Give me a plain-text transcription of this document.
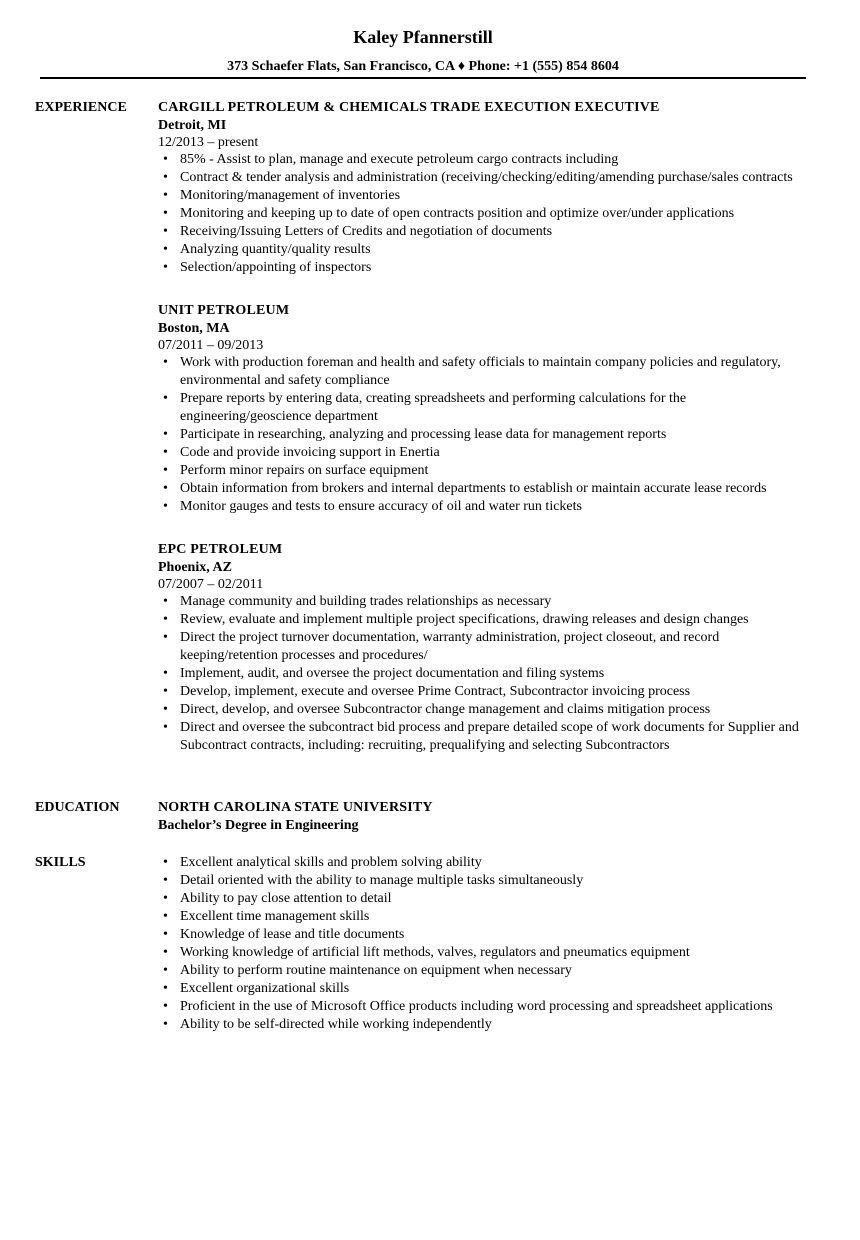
Kaley Pfannerstill
373 Schaefer Flats, San Francisco, CA ♦ Phone: +1 (555) 854 8604
EXPERIENCE CARGILL PETROLEUM & CHEMICALS TRADE EXECUTION EXECUTIVE
Detroit, MI
12/2013 – present
• 85% - Assist to plan, manage and execute petroleum cargo contracts including
• Contract & tender analysis and administration (receiving/checking/editing/amending purchase/sales contracts
• Monitoring/management of inventories
• Monitoring and keeping up to date of open contracts position and optimize over/under applications
• Receiving/Issuing Letters of Credits and negotiation of documents
• Analyzing quantity/quality results
• Selection/appointing of inspectors
UNIT PETROLEUM
Boston, MA
07/2011 – 09/2013
• Work with production foreman and health and safety officials to maintain company policies and regulatory, environmental and safety compliance
• Prepare reports by entering data, creating spreadsheets and performing calculations for the engineering/geoscience department
• Participate in researching, analyzing and processing lease data for management reports
• Code and provide invoicing support in Enertia
• Perform minor repairs on surface equipment
• Obtain information from brokers and internal departments to establish or maintain accurate lease records
• Monitor gauges and tests to ensure accuracy of oil and water run tickets
EPC PETROLEUM
Phoenix, AZ
07/2007 – 02/2011
• Manage community and building trades relationships as necessary
• Review, evaluate and implement multiple project specifications, drawing releases and design changes
• Direct the project turnover documentation, warranty administration, project closeout, and record keeping/retention processes and procedures/
• Implement, audit, and oversee the project documentation and filing systems
• Develop, implement, execute and oversee Prime Contract, Subcontractor invoicing process
• Direct, develop, and oversee Subcontractor change management and claims mitigation process
• Direct and oversee the subcontract bid process and prepare detailed scope of work documents for Supplier and Subcontract contracts, including: recruiting, prequalifying and selecting Subcontractors
EDUCATION	NORTH CAROLINA STATE UNIVERSITY
Bachelor’s Degree in Engineering
SKILLS
•	Excellent analytical skills and problem solving ability
• Detail oriented with the ability to manage multiple tasks simultaneously
• Ability to pay close attention to detail
• Excellent time management skills
• Knowledge of lease and title documents
• Working knowledge of artificial lift methods, valves, regulators and pneumatics equipment
• Ability to perform routine maintenance on equipment when necessary
• Excellent organizational skills
• Proficient in the use of Microsoft Office products including word processing and spreadsheet applications
• Ability to be self-directed while working independently
